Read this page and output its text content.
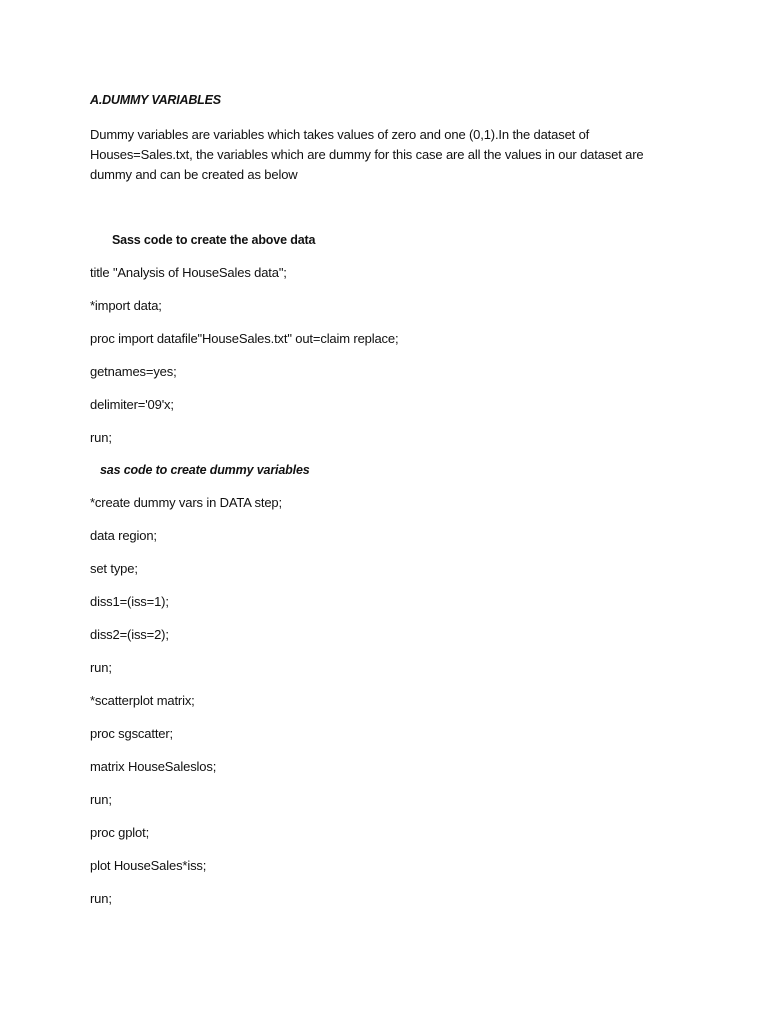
A.DUMMY VARIABLES
Dummy variables are variables which takes values of zero and one (0,1).In the dataset of
Houses=Sales.txt, the variables which are dummy for this case are all the values in our dataset are
dummy and can be created as below
Sass code to create the above data
title "Analysis of HouseSales data";
*import data;
proc import datafile"HouseSales.txt" out=claim replace;
getnames=yes;
delimiter='09'x;
run;
sas code to create dummy variables
*create dummy vars in DATA step;
data region;
set type;
diss1=(iss=1);
diss2=(iss=2);
run;
*scatterplot matrix;
proc sgscatter;
matrix HouseSaleslos;
run;
proc gplot;
plot HouseSales*iss;
run;
